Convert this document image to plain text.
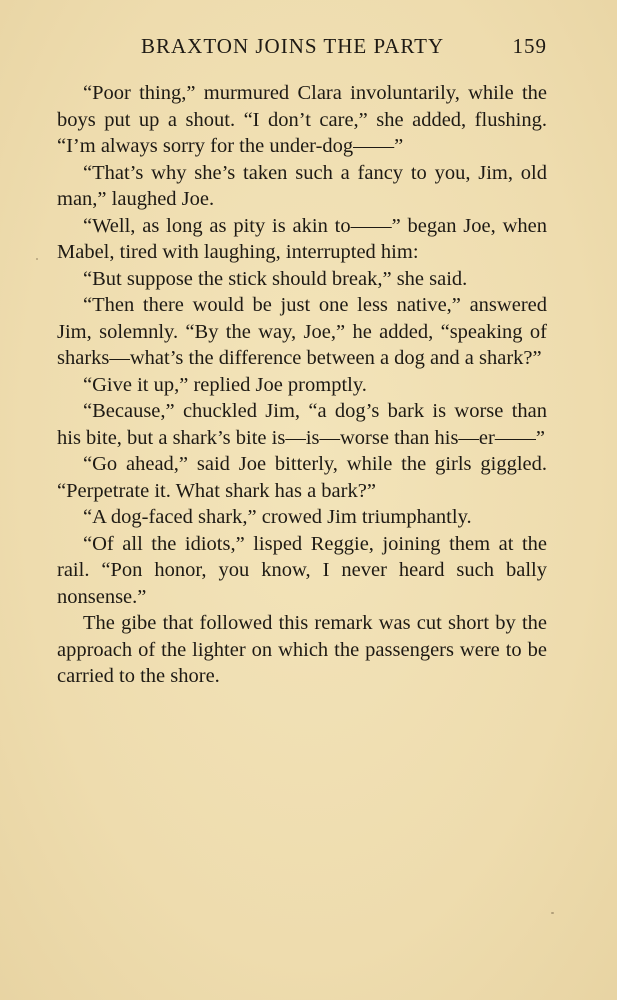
BRAXTON JOINS THE PARTY	159

“Poor thing,” murmured Clara involuntarily, while the boys put up a shout. “I don’t care,” she added, flushing. “I’m always sorry for the under-dog——”

“That’s why she’s taken such a fancy to you, Jim, old man,” laughed Joe.

“Well, as long as pity is akin to——” began Joe, when Mabel, tired with laughing, interrupted him:

“But suppose the stick should break,” she said.

“Then there would be just one less native,” answered Jim, solemnly. “By the way, Joe,” he added, “speaking of sharks—what’s the difference between a dog and a shark?”

“Give it up,” replied Joe promptly.

“Because,” chuckled Jim, “a dog’s bark is worse than his bite, but a shark’s bite is—is—worse than his—er——”

“Go ahead,” said Joe bitterly, while the girls giggled. “Perpetrate it. What shark has a bark?”

“A dog-faced shark,” crowed Jim triumphantly.

“Of all the idiots,” lisped Reggie, joining them at the rail. “Pon honor, you know, I never heard such bally nonsense.”

The gibe that followed this remark was cut short by the approach of the lighter on which the passengers were to be carried to the shore.
